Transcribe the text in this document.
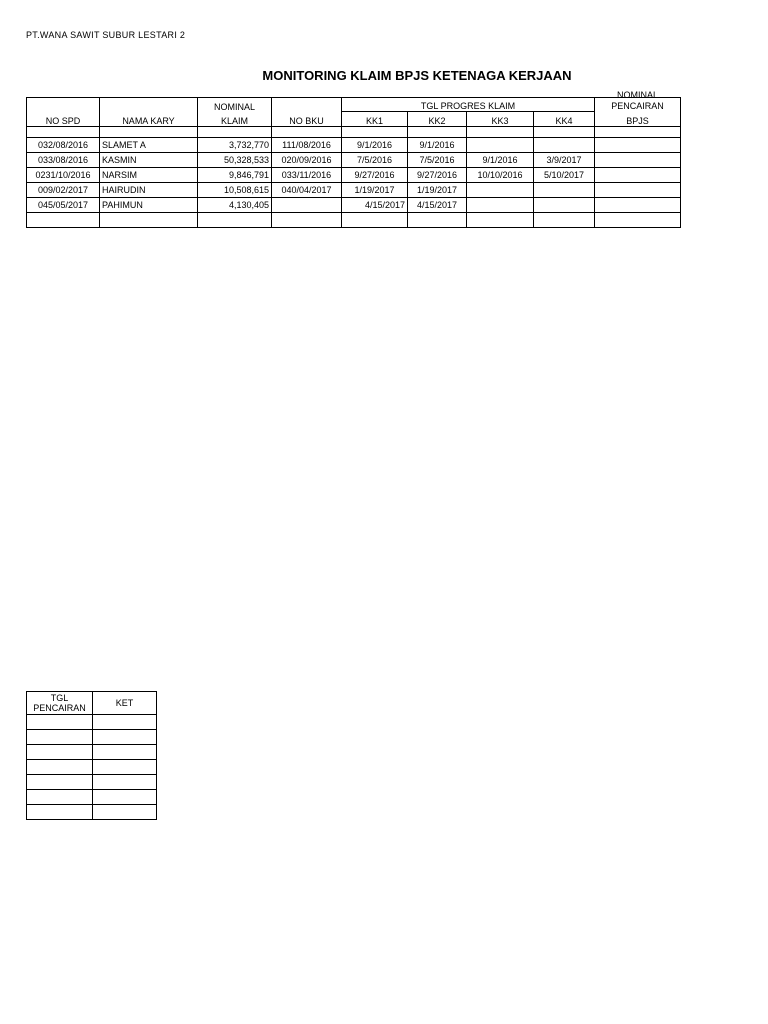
PT.WANA SAWIT SUBUR LESTARI 2
MONITORING KLAIM BPJS KETENAGA KERJAAN
		NOMINAL		TGL PROGRES KLAIM				NOMINAL
PENCAIRAN

NO SPD	NAMA KARY	KLAIM	NO BKU	KK1	KK2	KK3	KK4	BPJS

032/08/2016	SLAMET A	3,732,770	111/08/2016	9/1/2016	9/1/2016			
033/08/2016	KASMIN	50,328,533	020/09/2016	7/5/2016	7/5/2016	9/1/2016	3/9/2017	
0231/10/2016	NARSIM	9,846,791	033/11/2016	9/27/2016	9/27/2016	10/10/2016	5/10/2017	
009/02/2017	HAIRUDIN	10,508,615	040/04/2017	1/19/2017	1/19/2017			
045/05/2017	PAHIMUN	4,130,405		4/15/2017	4/15/2017			

TGL
PENCAIRAN	KET
